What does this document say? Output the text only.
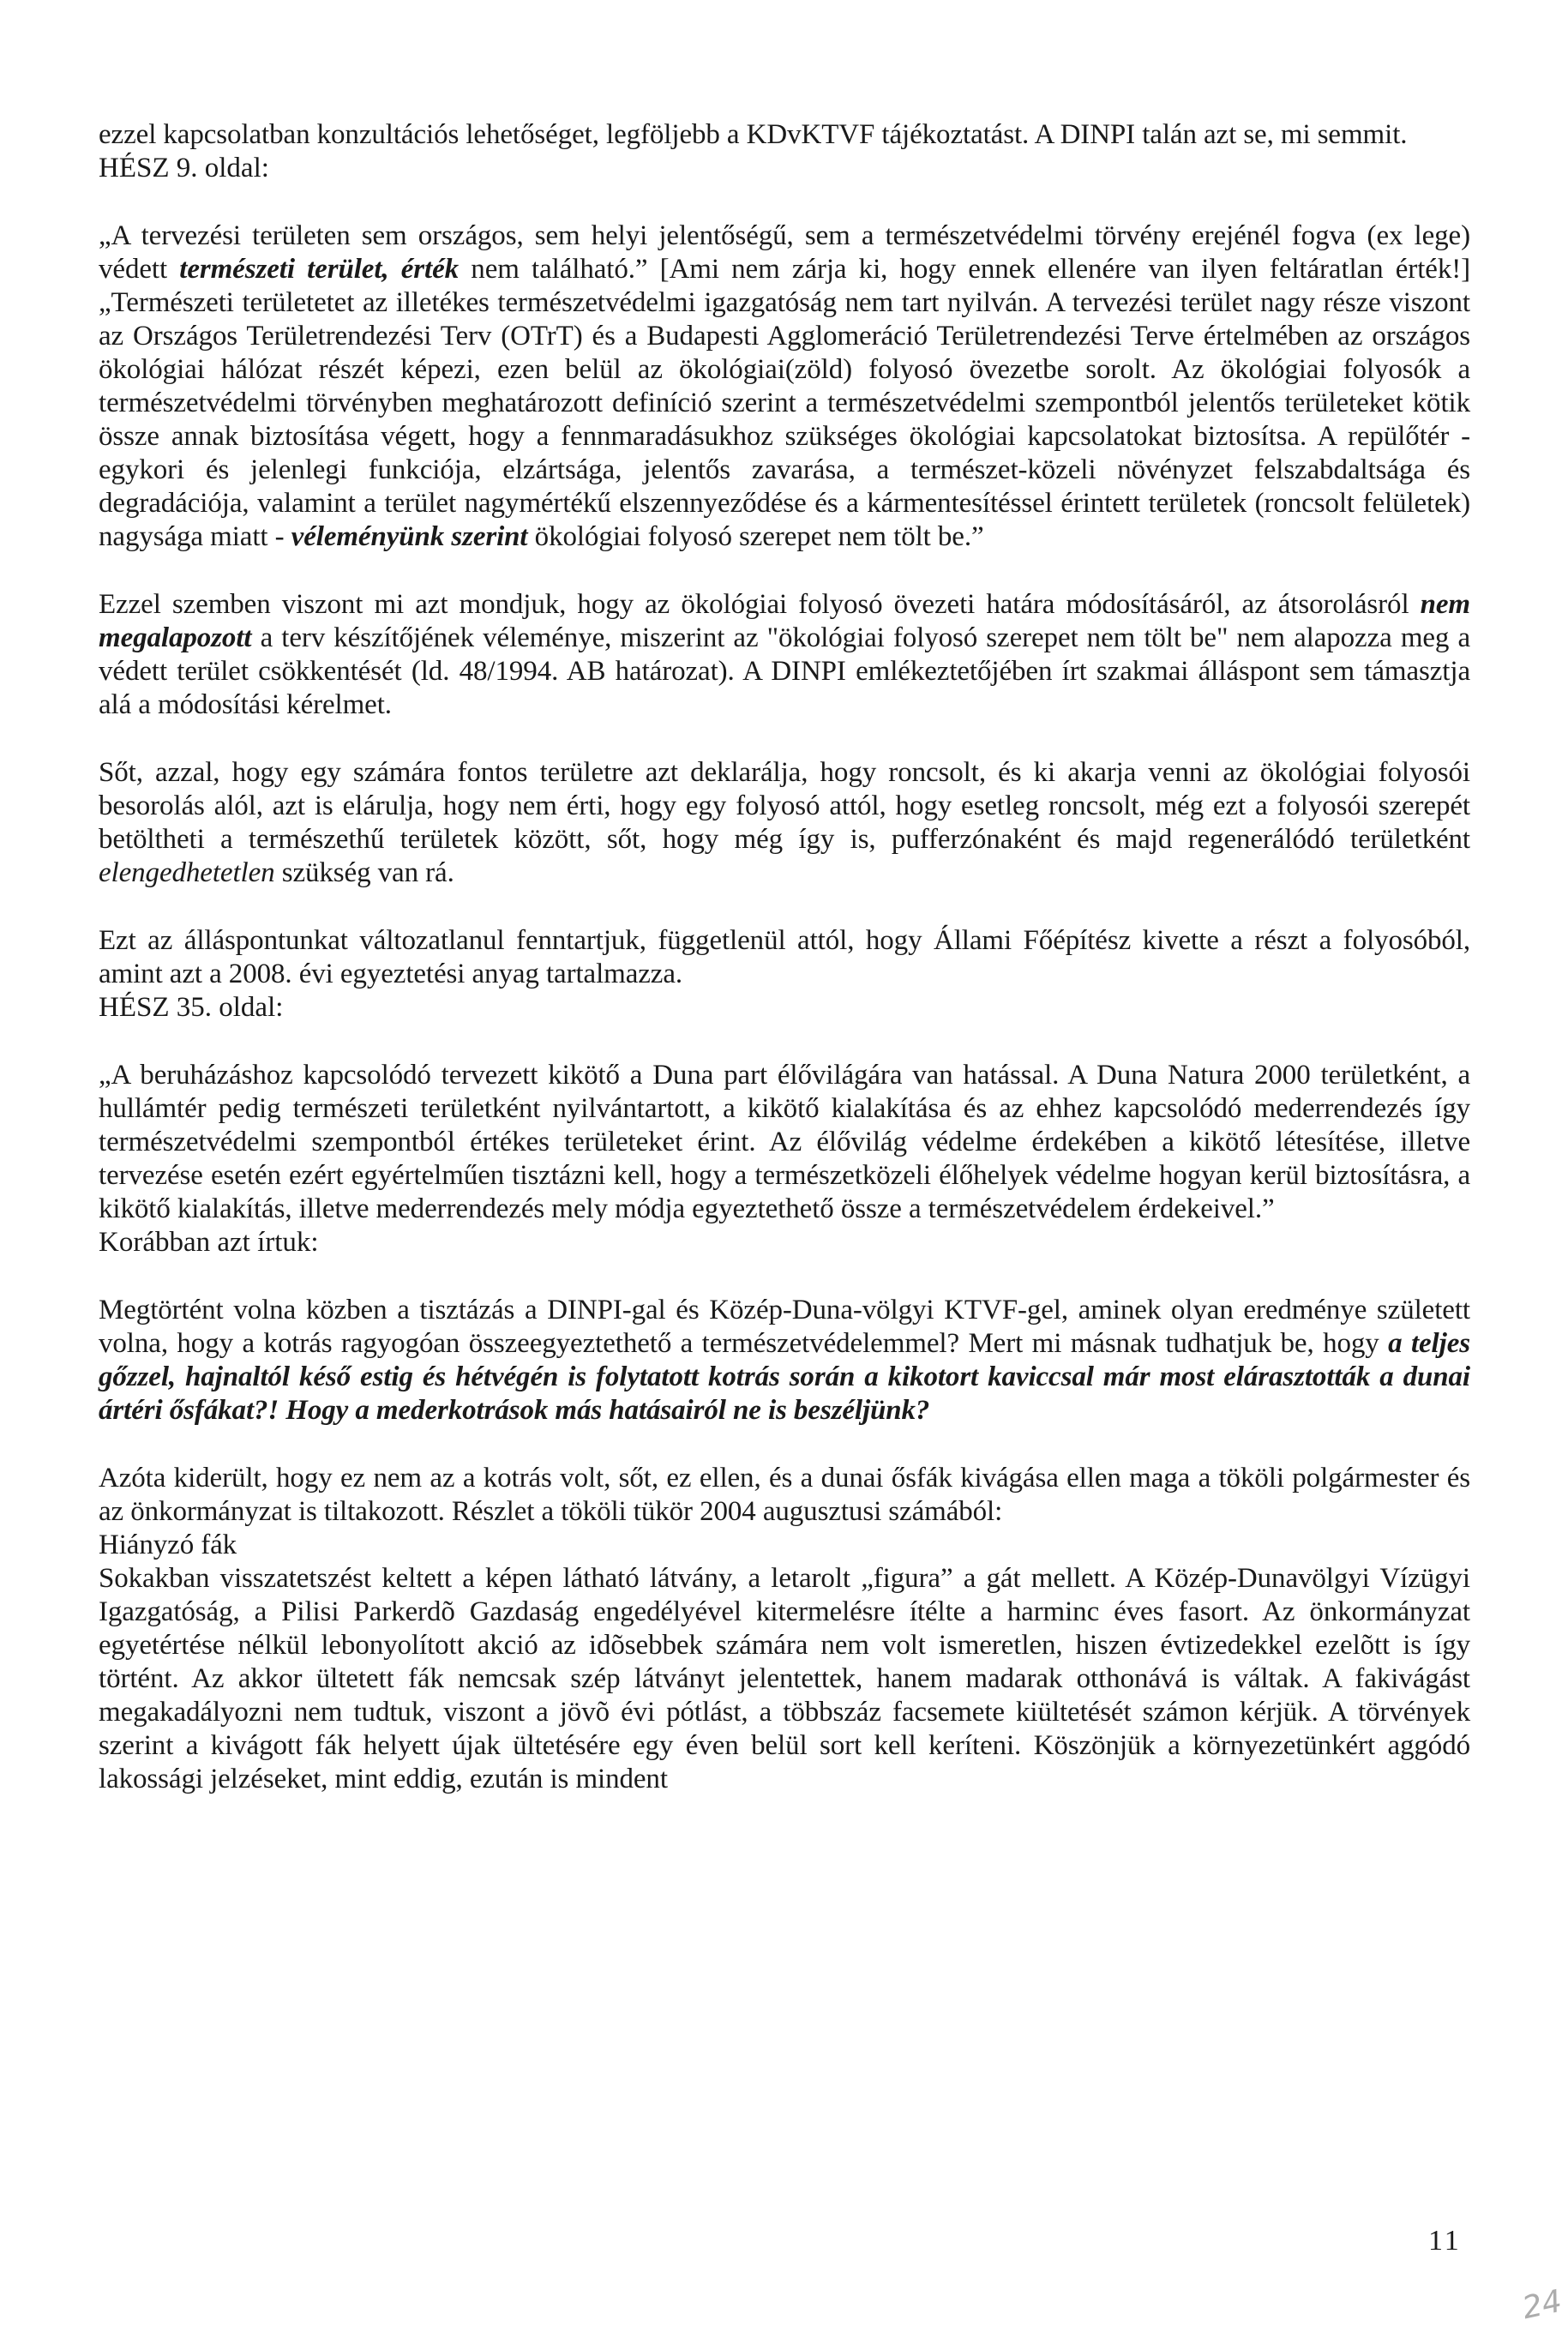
ezzel kapcsolatban konzultációs lehetőséget, legföljebb a KDvKTVF tájékoztatást. A DINPI talán azt se, mi semmit.

HÉSZ 9. oldal:

„A tervezési területen sem országos, sem helyi jelentőségű, sem a természetvédelmi törvény erejénél fogva (ex lege) védett természeti terület, érték nem található.” [Ami nem zárja ki, hogy ennek ellenére van ilyen feltáratlan érték!] „Természeti területetet az illetékes természetvédelmi igazgatóság nem tart nyilván. A tervezési terület nagy része viszont az Országos Területrendezési Terv (OTrT) és a Budapesti Agglomeráció Területrendezési Terve értelmében az országos ökológiai hálózat részét képezi, ezen belül az ökológiai(zöld) folyosó övezetbe sorolt. Az ökológiai folyosók a természetvédelmi törvényben meghatározott definíció szerint a természetvédelmi szempontból jelentős területeket kötik össze annak biztosítása végett, hogy a fennmaradásukhoz szükséges ökológiai kapcsolatokat biztosítsa. A repülőtér - egykori és jelenlegi funkciója, elzártsága, jelentős zavarása, a természet-közeli növényzet felszabdaltsága és degradációja, valamint a terület nagymértékű elszennyeződése és a kármentesítéssel érintett területek (roncsolt felületek) nagysága miatt - véleményünk szerint ökológiai folyosó szerepet nem tölt be.”

Ezzel szemben viszont mi azt mondjuk, hogy az ökológiai folyosó övezeti határa módosításáról, az átsorolásról nem megalapozott a terv készítőjének véleménye, miszerint az "ökológiai folyosó szerepet nem tölt be" nem alapozza meg a védett terület csökkentését (ld. 48/1994. AB határozat). A DINPI emlékeztetőjében írt szakmai álláspont sem támasztja alá a módosítási kérelmet.

Sőt, azzal, hogy egy számára fontos területre azt deklarálja, hogy roncsolt, és ki akarja venni az ökológiai folyosói besorolás alól, azt is elárulja, hogy nem érti, hogy egy folyosó attól, hogy esetleg roncsolt, még ezt a folyosói szerepét betöltheti a természethű területek között, sőt, hogy még így is, pufferzónaként és majd regenerálódó területként elengedhetetlen szükség van rá.

Ezt az álláspontunkat változatlanul fenntartjuk, függetlenül attól, hogy Állami Főépítész kivette a részt a folyosóból, amint azt a 2008. évi egyeztetési anyag tartalmazza.

HÉSZ 35. oldal:

„A beruházáshoz kapcsolódó tervezett kikötő a Duna part élővilágára van hatással. A Duna Natura 2000 területként, a hullámtér pedig természeti területként nyilvántartott, a kikötő kialakítása és az ehhez kapcsolódó mederrendezés így természetvédelmi szempontból értékes területeket érint. Az élővilág védelme érdekében a kikötő létesítése, illetve tervezése esetén ezért egyértelműen tisztázni kell, hogy a természetközeli élőhelyek védelme hogyan kerül biztosításra, a kikötő kialakítás, illetve mederrendezés mely módja egyeztethető össze a természetvédelem érdekeivel.”

Korábban azt írtuk:

Megtörtént volna közben a tisztázás a DINPI-gal és Közép-Duna-völgyi KTVF-gel, aminek olyan eredménye született volna, hogy a kotrás ragyogóan összeegyeztethető a természetvédelemmel? Mert mi másnak tudhatjuk be, hogy a teljes gőzzel, hajnaltól késő estig és hétvégén is folytatott kotrás során a kikotort kaviccsal már most elárasztották a dunai ártéri ősfákat?! Hogy a mederkotrások más hatásairól ne is beszéljünk?

Azóta kiderült, hogy ez nem az a kotrás volt, sőt, ez ellen, és a dunai ősfák kivágása ellen maga a tököli polgármester és az önkormányzat is tiltakozott. Részlet a tököli tükör 2004 augusztusi számából:

Hiányzó fák

Sokakban visszatetszést keltett a képen látható látvány, a letarolt „figura” a gát mellett. A Közép-Dunavölgyi Vízügyi Igazgatóság, a Pilisi Parkerdõ Gazdaság engedélyével kitermelésre ítélte a harminc éves fasort. Az önkormányzat egyetértése nélkül lebonyolított akció az idõsebbek számára nem volt ismeretlen, hiszen évtizedekkel ezelõtt is így történt. Az akkor ültetett fák nemcsak szép látványt jelentettek, hanem madarak otthonává is váltak. A fakivágást megakadályozni nem tudtuk, viszont a jövõ évi pótlást, a többszáz facsemete kiültetését számon kérjük. A törvények szerint a kivágott fák helyett újak ültetésére egy éven belül sort kell keríteni. Köszönjük a környezetünkért aggódó lakossági jelzéseket, mint eddig, ezután is mindent

11
24
